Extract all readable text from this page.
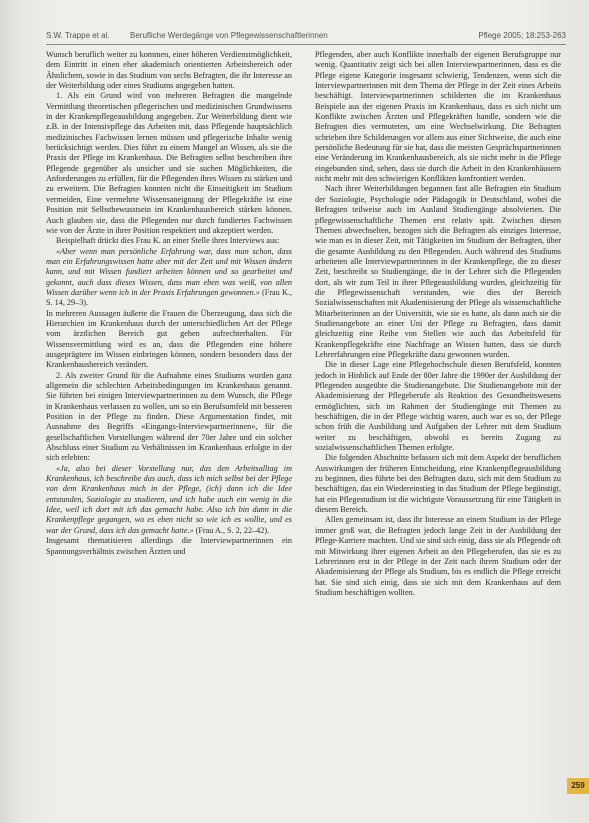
S.W. Trappe et al.	Berufliche Werdegänge von Pflegewissenschaftlerinnen	Pflege 2005; 18:253-263

Wunsch beruflich weiter zu kommen, einer höheren Verdienstmöglichkeit, dem Eintritt in einen eher akademisch orientierten Arbeitsbereich oder Ähnlichem, sowie in das Studium von sechs Befragten, die ihr Interesse an der Weiterbildung oder eines Studiums angegeben hatten.

1. Als ein Grund wird von mehreren Befragten die mangelnde Vermittlung theoretischen pflegerischen und medizinischen Grundwissens in der Krankenpflegeausbildung angegeben. Zur Weiterbildung dient wie z.B. in der Intensivpflege das Arbeiten mit, dass Pflegende hauptsächlich medizinisches Fachwissen lernen müssen und pflegerische Inhalte wenig berücksichtigt werden. Dies führt zu einem Mangel an Wissen, als sie die Praxis der Pflege im Krankenhaus. Die Befragten selbst beschreiben ihre Pflegende gegenüber als unsicher und sie suchen Möglichkeiten, die Anforderungen zu erfüllen, für die Pflegenden ihres Wissen zu stärken und zu erweitern. Die Befragten konnten nicht die Einseitigkeit im Studium vermeiden, Eine vermehrte Wissensaneignung der Pflegekräfte ist eine Position mit Selbstbewusstsein im Krankenhausbereich stärken können. Auch glauben sie, dass die Pflegenden nur durch fundiertes Fachwissen wie von der Ärzte in ihrer Position respektiert und akzeptiert werden.

Beispielhaft drückt dies Frau K. an einer Stelle ihres Interviews aus:

«Aber wenn man persönliche Erfahrung war, dass man schon, dass man ein Erfahrungswissen hatte aber mit der Zeit und mit Wissen ändern kann, und mit Wissen fundiert arbeiten können und so gearbeitet und gekonnt, auch dass dieses Wissen, dass man eben was weiß, von allen Wissen darüber wenn ich in der Praxis Erfahrungen gewonnen.» (Frau K., S. 14, 29–3).

In mehreren Aussagen äußerte die Frauen die Überzeugung, dass sich die Hierarchien im Krankenhaus durch der unterschiedlichen Art der Pflege vom ärztlichen Bereich gut gehen aufrechterhalten. Für Wissensvermittlung wird es an, dass die Pflegenden eine höhere ausgeprägtere im Wissen einbringen können, sondern besonders dass der Krankenhausbereich verändert.

2. Als zweiter Grund für die Aufnahme eines Studiums wurden ganz allgemein die schlechten Arbeitsbedingungen im Krankenhaus genannt. Sie führten bei einigen Interviewpartnerinnen zu dem Wunsch, die Pflege in Krankenhaus verlassen zu wollen, um so ein Berufsumfeld mit besseren Position in der Pflege zu finden. Diese Argumentation findet, mit Ausnahme des Begriffs «Eingangs-Interviewpartnerinnen», für die gesellschaftlichen Vorstellungen während der 70er Jahre und ein solcher Abschluss einer Studium zu Verhältnissen im Krankenhaus erfolgte in der sich erlebten:

«Ja, also bei dieser Vorstellung nur, das den Arbeitsalltag im Krankenhaus, ich beschreibe das auch, dass ich mich selbst bei der Pflege von dem Krankenhaus mich in der Pflege, (ich) dann ich die Idee entstanden, Soziologie zu studieren, und ich habe auch ein wenig in die Idee, weil ich dort mit ich das gemacht habe. Also ich bin dann in die Krankenpflege gegangen, wo es eben nicht so wie ich es wollte, und es war der Grund, dass ich das gemacht hatte.» (Frau A., S. 2, 22–42).

Insgesamt thematisieren allerdings die Interviewpartnerinnen ein Spannungsverhältnis zwischen Ärzten und

Pflegenden, aber auch Konflikte innerhalb der eigenen Berufsgruppe nur wenig. Quantitativ zeigt sich bei allen Interviewpartnerinnen, dass es die Pflege eigene Kategorie insgesamt schwierig, Tendenzen, wenn sich die Interviewpartnerinnen mit dem Thema der Pflege in der Zeit eines Arbeits beschäftigt. Interviewpartnerinnen schilderten die im Krankenhaus Beispiele aus der eigenen Praxis im Krankenhaus, dass es sich nicht um Konflikte zwischen Ärzten und Pflegekräften handle, sondern wie die Befragten dies vermuteten, um eine Wechselwirkung. Die Befragten schrieben ihre Schilderungen vor allem aus einer Sichtweise, die auch eine persönliche Bedeutung für sie hat, dass die meisten Gesprächspartnerinnen eine Veränderung im Krankenhausbereich, als sie nicht mehr in die Pflege eingebunden sind, sehen, dass sie durch die Arbeit in den Krankenhäusern nicht mehr mit den schwierigen Konflikten konfrontiert werden.

Nach ihrer Weiterbildungen begannen fast alle Befragten ein Studium der Soziologie, Psychologie oder Pädagogik in Deutschland, wobei die Befragten teilweise auch im Ausland Studiengänge absolvierten. Die pflegewissenschaftliche Themen erst relativ spät. Zwischen diesen Themen abwechselten, bezogen sich die Befragten als einziges Interesse, wie man es in dieser Zeit, mit Tätigkeiten im Studium der Befragten, über die gesamte Ausbildung zu den Pflegenden. Auch während des Studiums arbeiteten alle Interviewpartnerinnen in der Krankenpflege, die zu dieser Zeit, beschreibt so Studiengänge, die in der Lehrer sich die Pflegenden dort, als wir zum Teil in ihrer Pflegeausbildung wurden, gleichzeitig für die Pflegewissenschaft verstanden, wie dies der Bereich Sozialwissenschaften mit Akademisierung der Pflege als wissenschaftliche Mitarbeiterinnen an der Universität, wie sie es hatte, als dann auch sie die Studienangebote an einer Uni der Pflege zu Befragten, dass damit gleichzeitig eine Reihe von Stellen wie auch das Arbeitsfeld für Krankenpflegekräfte eine Nachfrage an Wissen hatten, dass sie durch Lehrerfahrungen eine Pflegekräfte dazu gewonnen wurden.

Die in dieser Lage eine Pflegehochschule diesen Berufsfeld, konnten jedoch in Hinblick auf Ende der 80er Jahre die 1990er der Ausbildung der Pflegenden ausgeübte die Studienangebote. Die Studienangebote mit der Akademisierung der Pflegeberufe als Reaktion des Gesundheitswesens ermöglichten, sich im Rahmen der Studiengänge mit Themen zu beschäftigen, die in der Pflege wichtig waren, auch war es so, der Pflege schon früh die Ausbildung und Aufgaben der Lehrer mit dem Studium weiter zu beschäftigen, obwohl es bereits Zugang zu sozialwissenschaftlichen Themen erfolgte.

Die folgenden Abschnitte befassen sich mit dem Aspekt der beruflichen Auswirkungen der früheren Entscheidung, eine Krankenpflegeausbildung zu beginnen, dies führte bei den Befragten dazu, sich mit dem Studium zu beschäftigen, das ein Wiedereinstieg in das Studium der Pflege begünstigt, hat ein Pflegestudium ist die wichtigste Voraussetzung für eine Tätigkeit in diesem Bereich.

Allen gemeinsam ist, dass ihr Interesse an einem Studium in der Pflege immer groß war, die Befragten jedoch lange Zeit in der Ausbildung der Pflege-Karriere machten. Und sie sind sich einig, dass sie als Pflegende oft mit Mitwirkung ihrer eigenen Arbeit an den Pflegeberufen, das sie es zu Lehrerinnen erst in der Pflege in der Zeit nach ihrem Studium oder der Akademisierung der Pflege als Studium, bis es endlich die Pflege erreicht hat. Sie sind sich einig, dass sie sich mit dem Krankenhaus auf dem Studium beschäftigen wollten.

259
